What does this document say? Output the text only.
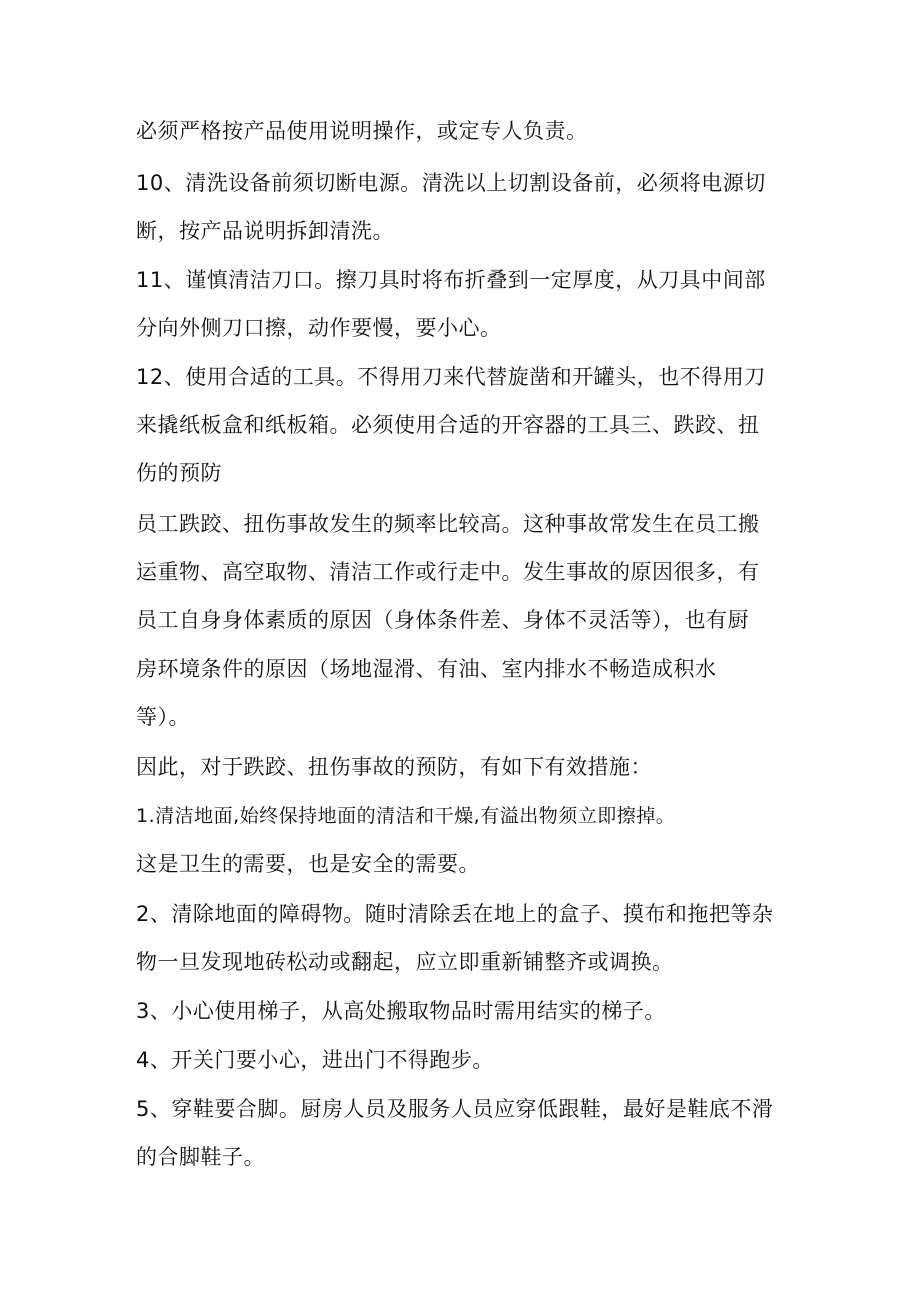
必须严格按产品使用说明操作，或定专人负责。
10、清洗设备前须切断电源。清洗以上切割设备前，必须将电源切
断，按产品说明拆卸清洗。
11、谨慎清洁刀口。擦刀具时将布折叠到一定厚度，从刀具中间部
分向外侧刀口擦，动作要慢，要小心。
12、使用合适的工具。不得用刀来代替旋凿和开罐头，也不得用刀
来撬纸板盒和纸板箱。必须使用合适的开容器的工具三、跌跤、扭
伤的预防
员工跌跤、扭伤事故发生的频率比较高。这种事故常发生在员工搬
运重物、高空取物、清洁工作或行走中。发生事故的原因很多，有
员工自身身体素质的原因（身体条件差、身体不灵活等），也有厨
房环境条件的原因（场地湿滑、有油、室内排水不畅造成积水
等）。
因此，对于跌跤、扭伤事故的预防，有如下有效措施：
1.清洁地面,始终保持地面的清洁和干燥,有溢出物须立即擦掉。
这是卫生的需要，也是安全的需要。
2、清除地面的障碍物。随时清除丢在地上的盒子、摸布和拖把等杂
物一旦发现地砖松动或翻起，应立即重新铺整齐或调换。
3、小心使用梯子，从高处搬取物品时需用结实的梯子。
4、开关门要小心，进出门不得跑步。
5、穿鞋要合脚。厨房人员及服务人员应穿低跟鞋，最好是鞋底不滑
的合脚鞋子。
